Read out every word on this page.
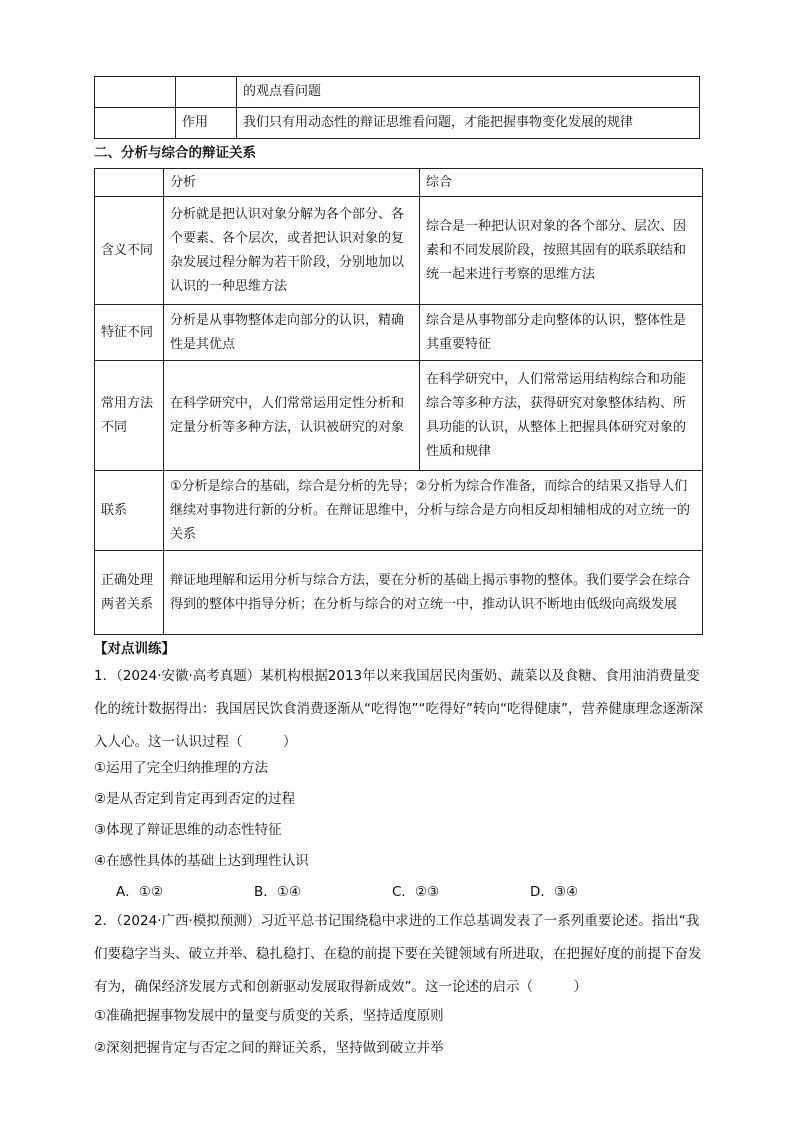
		的观点看问题
	作用	我们只有用动态性的辩证思维看问题，才能把握事物变化发展的规律
二、分析与综合的辩证关系
	分析	综合
含义不同	分析就是把认识对象分解为各个部分、各个要素、各个层次，或者把认识对象的复杂发展过程分解为若干阶段，分别地加以认识的一种思维方法	综合是一种把认识对象的各个部分、层次、因素和不同发展阶段，按照其固有的联系联结和统一起来进行考察的思维方法
特征不同	分析是从事物整体走向部分的认识，精确性是其优点	综合是从事物部分走向整体的认识，整体性是其重要特征
常用方法不同	在科学研究中，人们常常运用定性分析和定量分析等多种方法，认识被研究的对象	在科学研究中，人们常常运用结构综合和功能综合等多种方法，获得研究对象整体结构、所具功能的认识，从整体上把握具体研究对象的性质和规律
联系	①分析是综合的基础，综合是分析的先导；②分析为综合作准备，而综合的结果又指导人们继续对事物进行新的分析。在辩证思维中，分析与综合是方向相反却相辅相成的对立统一的关系	
正确处理两者关系	辩证地理解和运用分析与综合方法，要在分析的基础上揭示事物的整体。我们要学会在综合得到的整体中指导分析；在分析与综合的对立统一中，推动认识不断地由低级向高级发展	
【对点训练】
1．（2024·安徽·高考真题）某机构根据2013年以来我国居民肉蛋奶、蔬菜以及食糖、食用油消费量变化的统计数据得出：我国居民饮食消费逐渐从“吃得饱”“吃得好”转向“吃得健康”，营养健康理念逐渐深入人心。这一认识过程（　　　）
①运用了完全归纳推理的方法
②是从否定到肯定再到否定的过程
③体现了辩证思维的动态性特征
④在感性具体的基础上达到理性认识
A．①②	B．①④	C．②③	D．③④
2．（2024·广西·模拟预测）习近平总书记围绕稳中求进的工作总基调发表了一系列重要论述。指出“我们要稳字当头、破立并举、稳扎稳打、在稳的前提下要在关键领域有所进取，在把握好度的前提下奋发有为，确保经济发展方式和创新驱动发展取得新成效”。这一论述的启示（　　　）
①准确把握事物发展中的量变与质变的关系，坚持适度原则
②深刻把握肯定与否定之间的辩证关系，坚持做到破立并举
